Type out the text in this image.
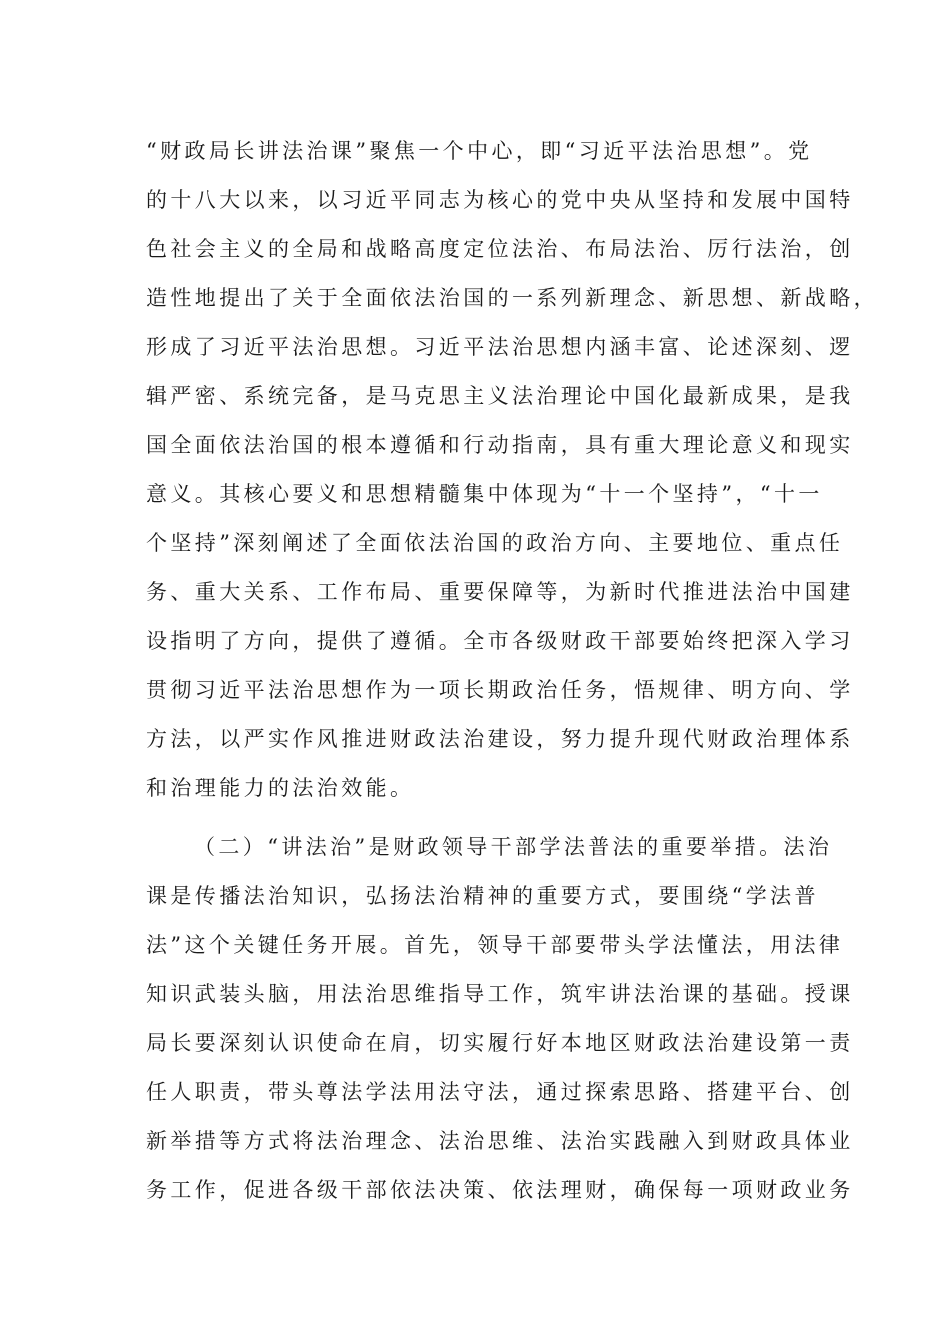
“财政局长讲法治课”聚焦一个中心，即“习近平法治思想”。党
的十八大以来，以习近平同志为核心的党中央从坚持和发展中国特
色社会主义的全局和战略高度定位法治、布局法治、厉行法治，创
造性地提出了关于全面依法治国的一系列新理念、新思想、新战略，
形成了习近平法治思想。习近平法治思想内涵丰富、论述深刻、逻
辑严密、系统完备，是马克思主义法治理论中国化最新成果，是我
国全面依法治国的根本遵循和行动指南，具有重大理论意义和现实
意义。其核心要义和思想精髓集中体现为“十一个坚持”，“十一
个坚持”深刻阐述了全面依法治国的政治方向、主要地位、重点任
务、重大关系、工作布局、重要保障等，为新时代推进法治中国建
设指明了方向，提供了遵循。全市各级财政干部要始终把深入学习
贯彻习近平法治思想作为一项长期政治任务，悟规律、明方向、学
方法，以严实作风推进财政法治建设，努力提升现代财政治理体系
和治理能力的法治效能。
（二）“讲法治”是财政领导干部学法普法的重要举措。法治
课是传播法治知识，弘扬法治精神的重要方式，要围绕“学法普
法”这个关键任务开展。首先，领导干部要带头学法懂法，用法律
知识武装头脑，用法治思维指导工作，筑牢讲法治课的基础。授课
局长要深刻认识使命在肩，切实履行好本地区财政法治建设第一责
任人职责，带头尊法学法用法守法，通过探索思路、搭建平台、创
新举措等方式将法治理念、法治思维、法治实践融入到财政具体业
务工作，促进各级干部依法决策、依法理财，确保每一项财政业务
